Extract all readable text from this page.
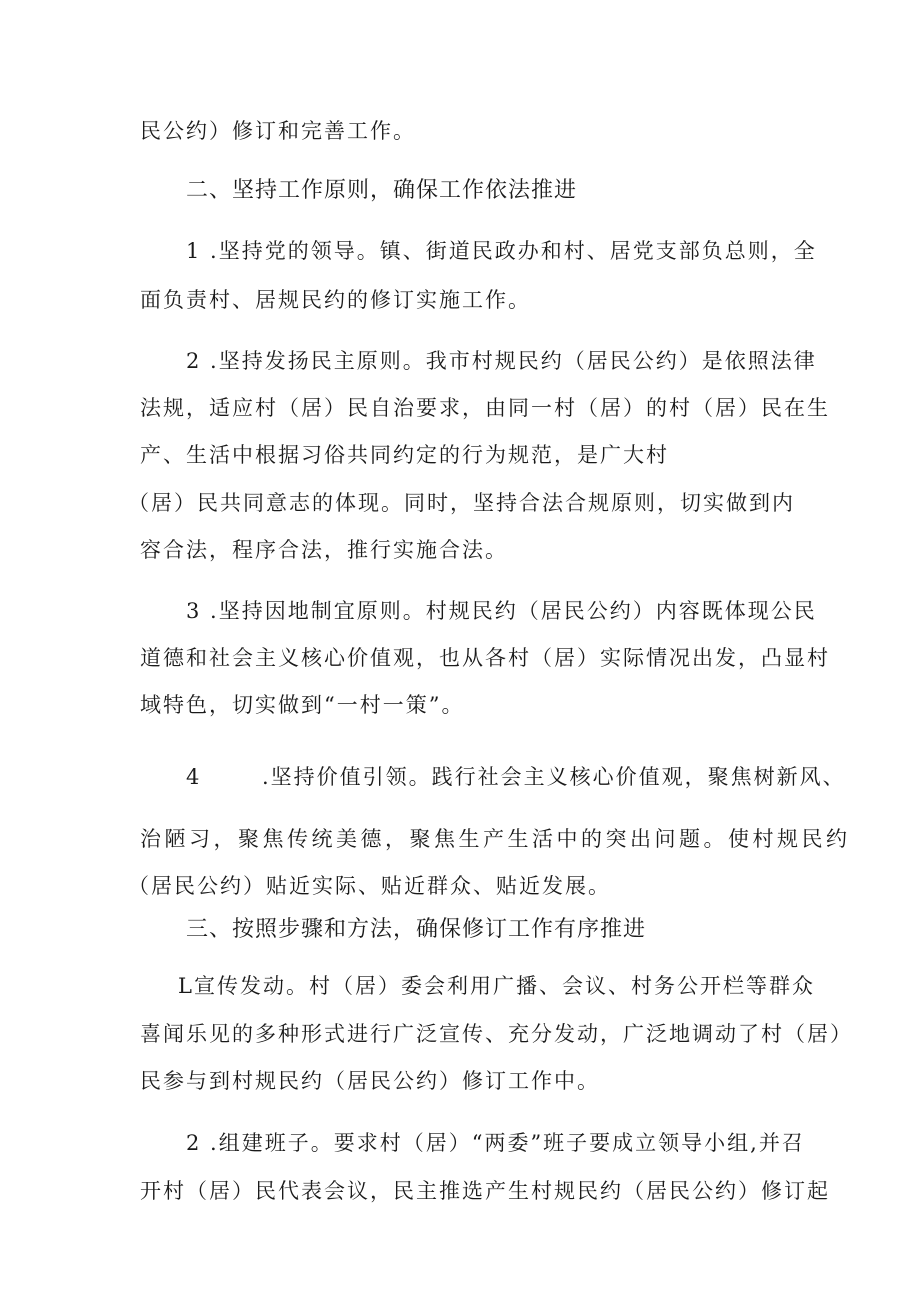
民公约）修订和完善工作。

二、坚持工作原则，确保工作依法推进

1 .坚持党的领导。镇、街道民政办和村、居党支部负总则，全

面负责村、居规民约的修订实施工作。

2 .坚持发扬民主原则。我市村规民约（居民公约）是依照法律

法规，适应村（居）民自治要求，由同一村（居）的村（居）民在生

产、生活中根据习俗共同约定的行为规范，是广大村

（居）民共同意志的体现。同时，坚持合法合规原则，切实做到内

容合法，程序合法，推行实施合法。

3 .坚持因地制宜原则。村规民约（居民公约）内容既体现公民

道德和社会主义核心价值观，也从各村（居）实际情况出发，凸显村

域特色，切实做到“一村一策”。

4	.坚持价值引领。践行社会主义核心价值观，聚焦树新风、

治陋习，聚焦传统美德，聚焦生产生活中的突出问题。使村规民约

（居民公约）贴近实际、贴近群众、贴近发展。

三、按照步骤和方法，确保修订工作有序推进

L宣传发动。村（居）委会利用广播、会议、村务公开栏等群众

喜闻乐见的多种形式进行广泛宣传、充分发动，广泛地调动了村（居）

民参与到村规民约（居民公约）修订工作中。

2 .组建班子。要求村（居）“两委”班子要成立领导小组,并召

开村（居）民代表会议，民主推选产生村规民约（居民公约）修订起
